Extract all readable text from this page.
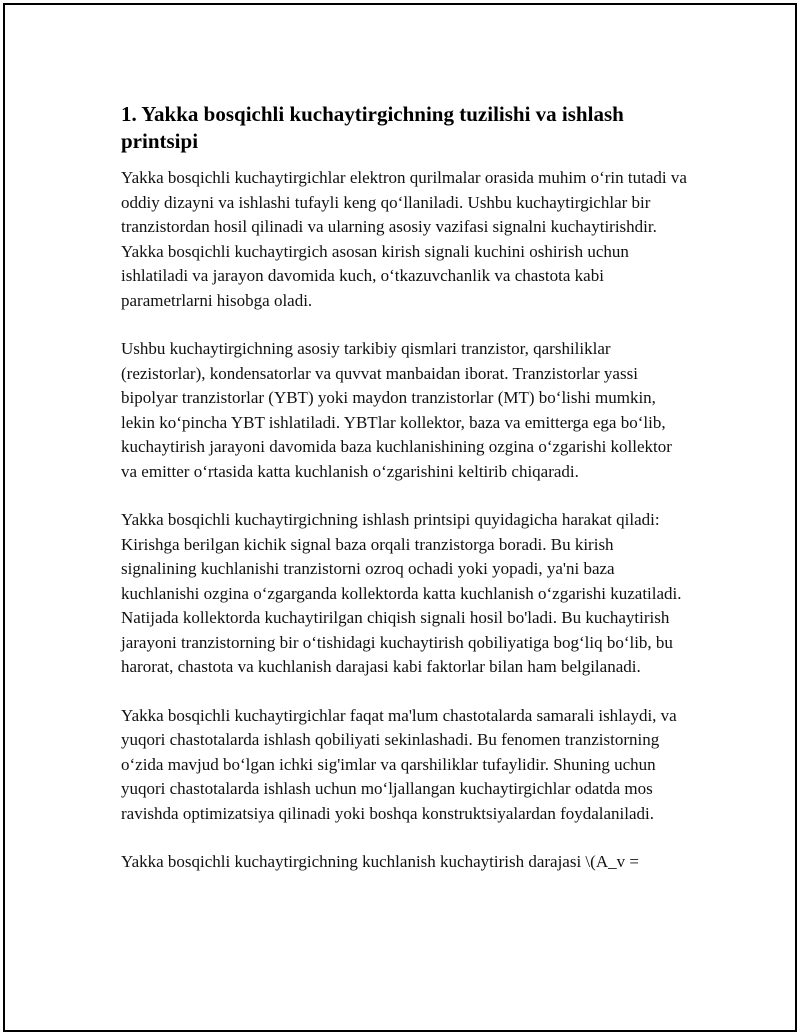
1. Yakka bosqichli kuchaytirgichning tuzilishi va ishlash printsipi

Yakka bosqichli kuchaytirgichlar elektron qurilmalar orasida muhim o‘rin tutadi va oddiy dizayni va ishlashi tufayli keng qo‘llaniladi. Ushbu kuchaytirgichlar bir tranzistordan hosil qilinadi va ularning asosiy vazifasi signalni kuchaytirishdir. Yakka bosqichli kuchaytirgich asosan kirish signali kuchini oshirish uchun ishlatiladi va jarayon davomida kuch, o‘tkazuvchanlik va chastota kabi parametrlarni hisobga oladi.

Ushbu kuchaytirgichning asosiy tarkibiy qismlari tranzistor, qarshiliklar (rezistorlar), kondensatorlar va quvvat manbaidan iborat. Tranzistorlar yassi bipolyar tranzistorlar (YBT) yoki maydon tranzistorlar (MT) bo‘lishi mumkin, lekin ko‘pincha YBT ishlatiladi. YBTlar kollektor, baza va emitterga ega bo‘lib, kuchaytirish jarayoni davomida baza kuchlanishining ozgina o‘zgarishi kollektor va emitter o‘rtasida katta kuchlanish o‘zgarishini keltirib chiqaradi.

Yakka bosqichli kuchaytirgichning ishlash printsipi quyidagicha harakat qiladi: Kirishga berilgan kichik signal baza orqali tranzistorga boradi. Bu kirish signalining kuchlanishi tranzistorni ozroq ochadi yoki yopadi, ya'ni baza kuchlanishi ozgina o‘zgarganda kollektorda katta kuchlanish o‘zgarishi kuzatiladi. Natijada kollektorda kuchaytirilgan chiqish signali hosil bo'ladi. Bu kuchaytirish jarayoni tranzistorning bir o‘tishidagi kuchaytirish qobiliyatiga bog‘liq bo‘lib, bu harorat, chastota va kuchlanish darajasi kabi faktorlar bilan ham belgilanadi.

Yakka bosqichli kuchaytirgichlar faqat ma'lum chastotalarda samarali ishlaydi, va yuqori chastotalarda ishlash qobiliyati sekinlashadi. Bu fenomen tranzistorning o‘zida mavjud bo‘lgan ichki sig'imlar va qarshiliklar tufaylidir. Shuning uchun yuqori chastotalarda ishlash uchun mo‘ljallangan kuchaytirgichlar odatda mos ravishda optimizatsiya qilinadi yoki boshqa konstruktsiyalardan foydalaniladi.

Yakka bosqichli kuchaytirgichning kuchlanish kuchaytirish darajasi \(A_v =
